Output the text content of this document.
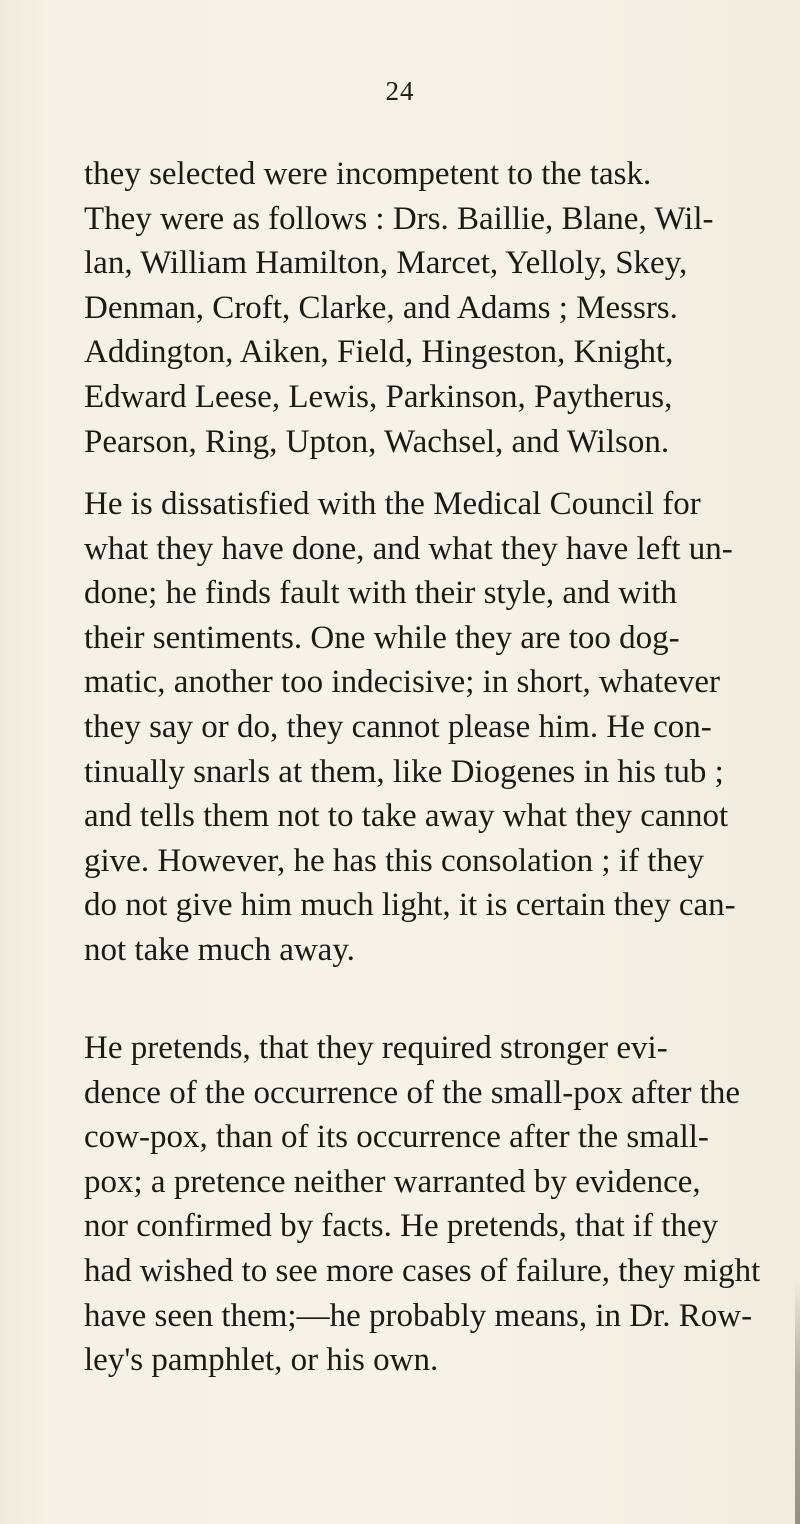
24

they selected were incompetent to the task.
They were as follows : Drs. Baillie, Blane, Wil-
lan, William Hamilton, Marcet, Yelloly, Skey,
Denman, Croft, Clarke, and Adams ; Messrs.
Addington, Aiken, Field, Hingeston, Knight,
Edward Leese, Lewis, Parkinson, Paytherus,
Pearson, Ring, Upton, Wachsel, and Wilson.

He is dissatisfied with the Medical Council for
what they have done, and what they have left un-
done; he finds fault with their style, and with
their sentiments. One while they are too dog-
matic, another too indecisive; in short, whatever
they say or do, they cannot please him. He con-
tinually snarls at them, like Diogenes in his tub ;
and tells them not to take away what they cannot
give. However, he has this consolation ; if they
do not give him much light, it is certain they can-
not take much away.

He pretends, that they required stronger evi-
dence of the occurrence of the small-pox after the
cow-pox, than of its occurrence after the small-
pox; a pretence neither warranted by evidence,
nor confirmed by facts. He pretends, that if they
had wished to see more cases of failure, they might
have seen them;—he probably means, in Dr. Row-
ley's pamphlet, or his own.
